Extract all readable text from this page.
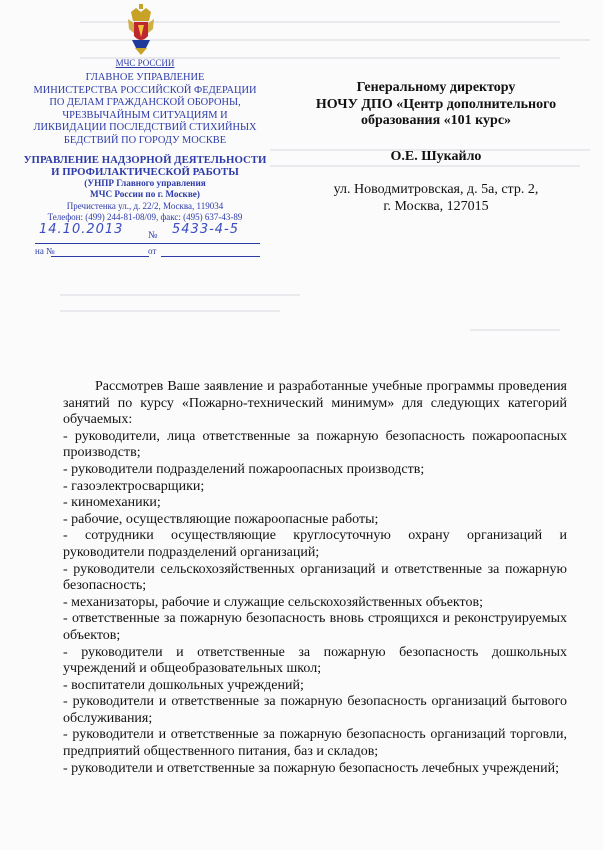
МЧС РОССИИ
ГЛАВНОЕ УПРАВЛЕНИЕ
МИНИСТЕРСТВА РОССИЙСКОЙ ФЕДЕРАЦИИ
ПО ДЕЛАМ ГРАЖДАНСКОЙ ОБОРОНЫ,
ЧРЕЗВЫЧАЙНЫМ СИТУАЦИЯМ И
ЛИКВИДАЦИИ ПОСЛЕДСТВИЙ СТИХИЙНЫХ
БЕДСТВИЙ ПО ГОРОДУ МОСКВЕ
УПРАВЛЕНИЕ НАДЗОРНОЙ ДЕЯТЕЛЬНОСТИ
И ПРОФИЛАКТИЧЕСКОЙ РАБОТЫ
(УНПР Главного управления
МЧС России по г. Москве)
Пречистенка ул., д. 22/2, Москва, 119034
Телефон: (499) 244-81-08/09, факс: (495) 637-43-89
14.10.2013	№ 5433-4-5
на №	от
Генеральному директору
НОЧУ ДПО «Центр дополнительного
образования «101 курс»
О.Е. Шукайло
ул. Новодмитровская, д. 5а, стр. 2,
г. Москва, 127015

Рассмотрев Ваше заявление и разработанные учебные программы проведения занятий по курсу «Пожарно-технический минимум» для следующих категорий обучаемых:

- руководители, лица ответственные за пожарную безопасность пожароопасных производств;

- руководители подразделений пожароопасных производств;

- газоэлектросварщики;

- киномеханики;

- рабочие, осуществляющие пожароопасные работы;

- сотрудники осуществляющие круглосуточную охрану организаций и руководители подразделений организаций;

- руководители сельскохозяйственных организаций и ответственные за пожарную безопасность;

- механизаторы, рабочие и служащие сельскохозяйственных объектов;

- ответственные за пожарную безопасность вновь строящихся и реконструируемых объектов;

- руководители и ответственные за пожарную безопасность дошкольных учреждений и общеобразовательных школ;

- воспитатели дошкольных учреждений;

- руководители и ответственные за пожарную безопасность организаций бытового обслуживания;

- руководители и ответственные за пожарную безопасность организаций торговли, предприятий общественного питания, баз и складов;

- руководители и ответственные за пожарную безопасность лечебных учреждений;
